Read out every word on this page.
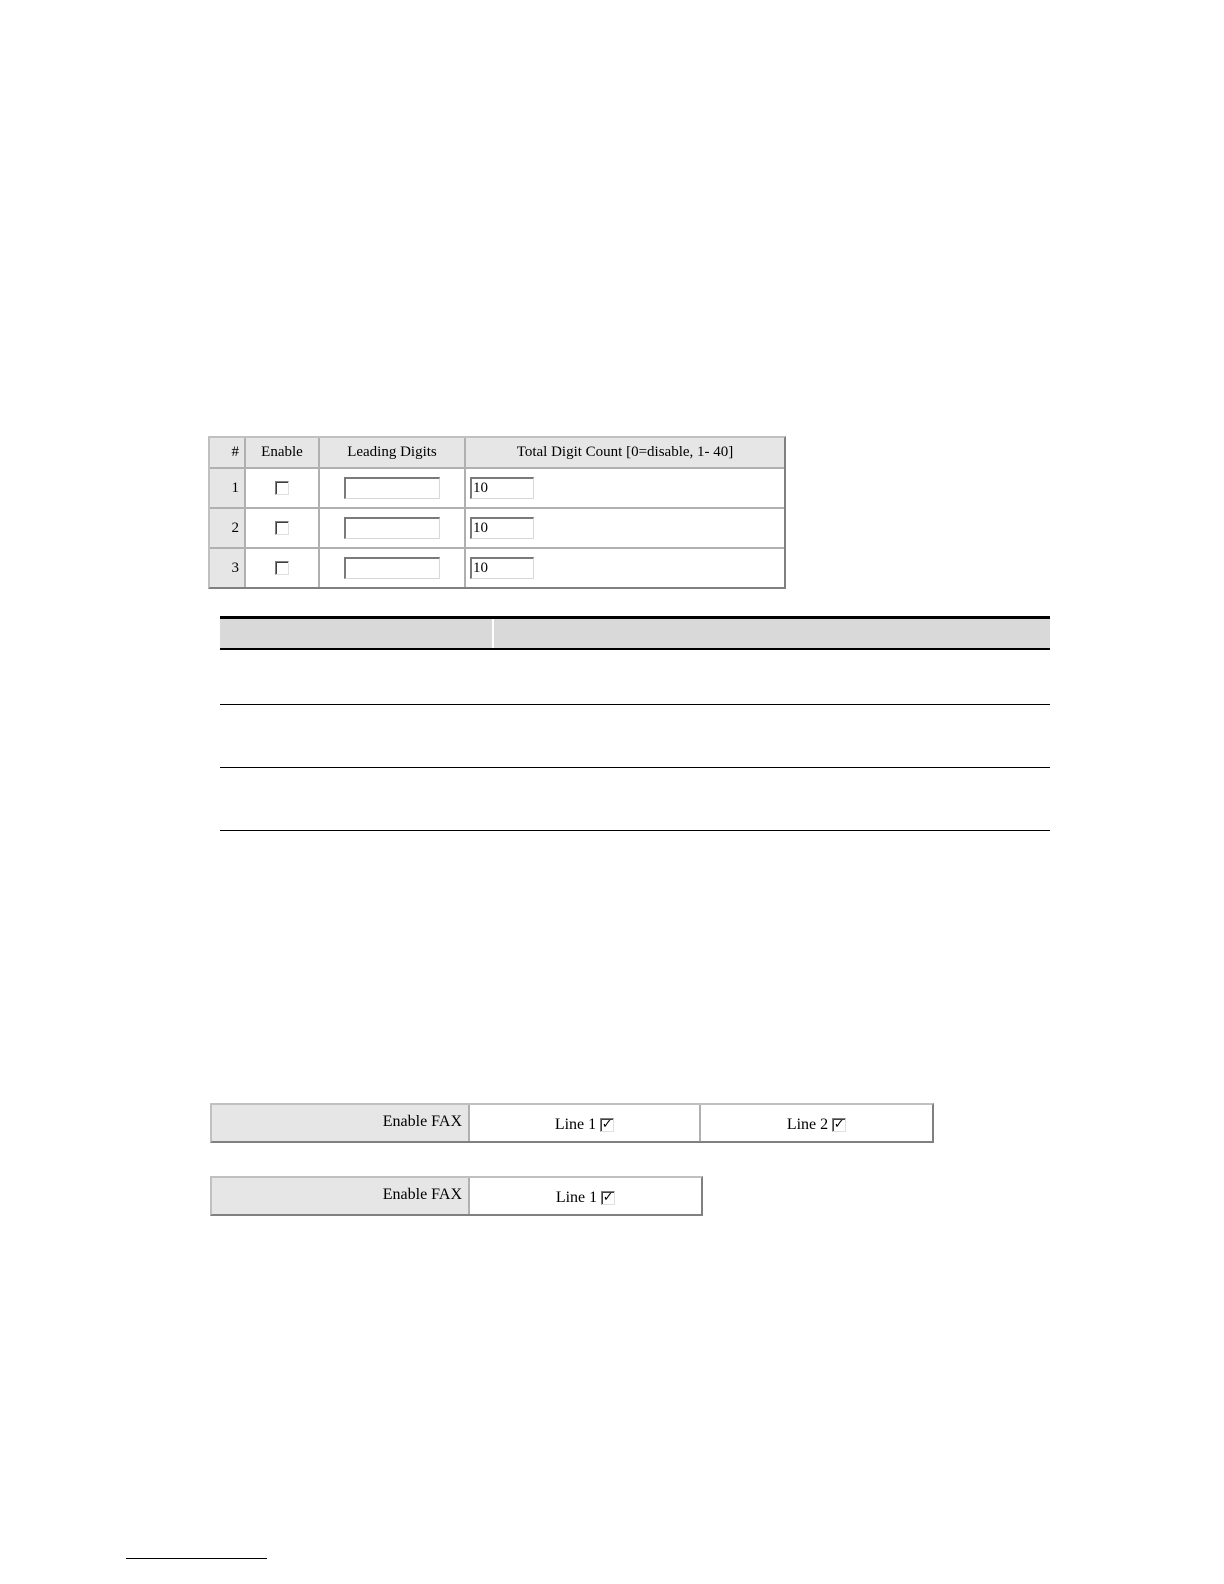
#	Enable	Leading Digits	Total Digit Count [0=disable, 1- 40]
1			10
2			10
3			10
Enable FAX	Line 1 ✓	Line 2 ✓
Enable FAX	Line 1 ✓
